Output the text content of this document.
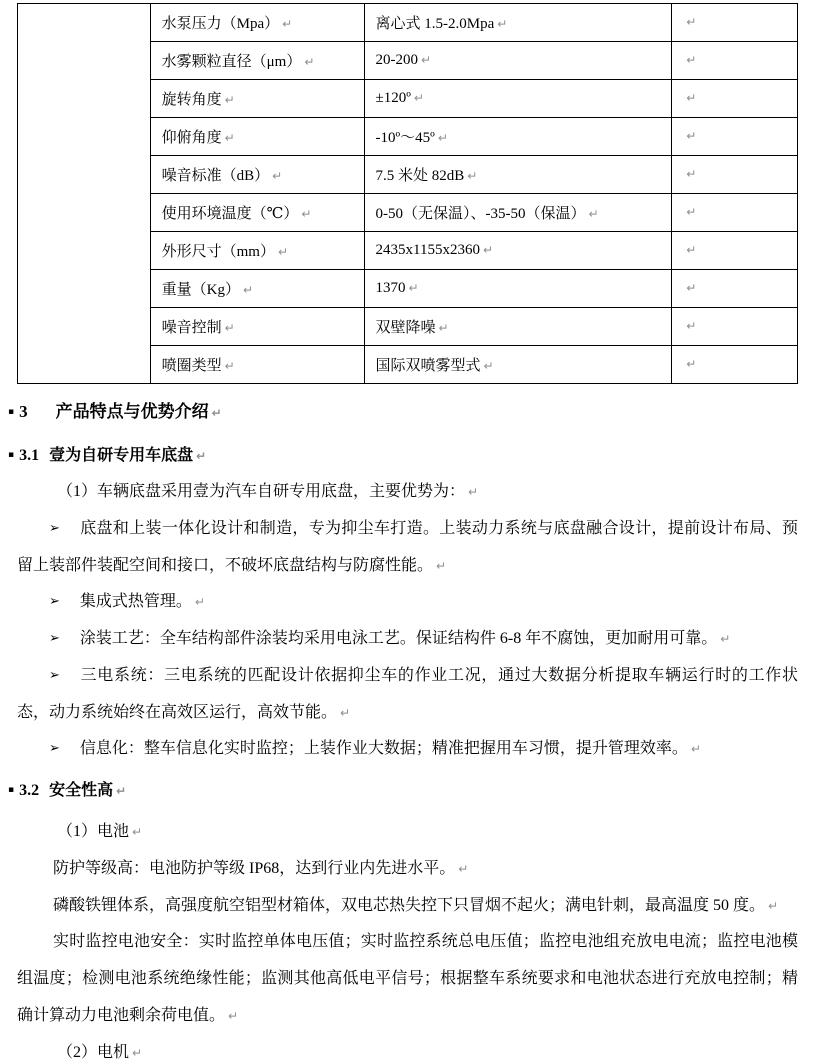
	水泵压力（Mpa） ↵	离心式 1.5-2.0Mpa ↵	↵
	水雾颗粒直径（μm） ↵	20-200 ↵	↵
	旋转角度 ↵	±120º ↵	↵
	仰俯角度 ↵	-10º～45º ↵	↵
	噪音标准（dB） ↵	7.5 米处 82dB ↵	↵
	使用环境温度（℃） ↵	0-50（无保温）、-35-50（保温） ↵	↵
	外形尺寸（mm） ↵	2435x1155x2360 ↵	↵
	重量（Kg） ↵	1370 ↵	↵
	噪音控制 ↵	双壁降噪 ↵	↵
	喷圈类型 ↵	国际双喷雾型式 ↵	↵
▪ 3 产品特点与优势介绍 ↵
▪ 3.1 壹为自研专用车底盘 ↵

（1）车辆底盘采用壹为汽车自研专用底盘，主要优势为： ↵

➢ 底盘和上装一体化设计和制造，专为抑尘车打造。上装动力系统与底盘融合设计，提前设计布局、预留上装部件装配空间和接口，不破坏底盘结构与防腐性能。 ↵

➢ 集成式热管理。 ↵

➢ 涂装工艺：全车结构部件涂装均采用电泳工艺。保证结构件 6-8 年不腐蚀，更加耐用可靠。 ↵

➢ 三电系统：三电系统的匹配设计依据抑尘车的作业工况，通过大数据分析提取车辆运行时的工作状态，动力系统始终在高效区运行，高效节能。 ↵

➢ 信息化：整车信息化实时监控；上装作业大数据；精准把握用车习惯，提升管理效率。 ↵

▪ 3.2 安全性高 ↵

（1）电池 ↵

防护等级高：电池防护等级 IP68，达到行业内先进水平。 ↵

磷酸铁锂体系，高强度航空铝型材箱体，双电芯热失控下只冒烟不起火；满电针刺，最高温度 50 度。 ↵

实时监控电池安全：实时监控单体电压值；实时监控系统总电压值；监控电池组充放电电流；监控电池模组温度；检测电池系统绝缘性能；监测其他高低电平信号；根据整车系统要求和电池状态进行充放电控制；精确计算动力电池剩余荷电值。 ↵

（2）电机 ↵
